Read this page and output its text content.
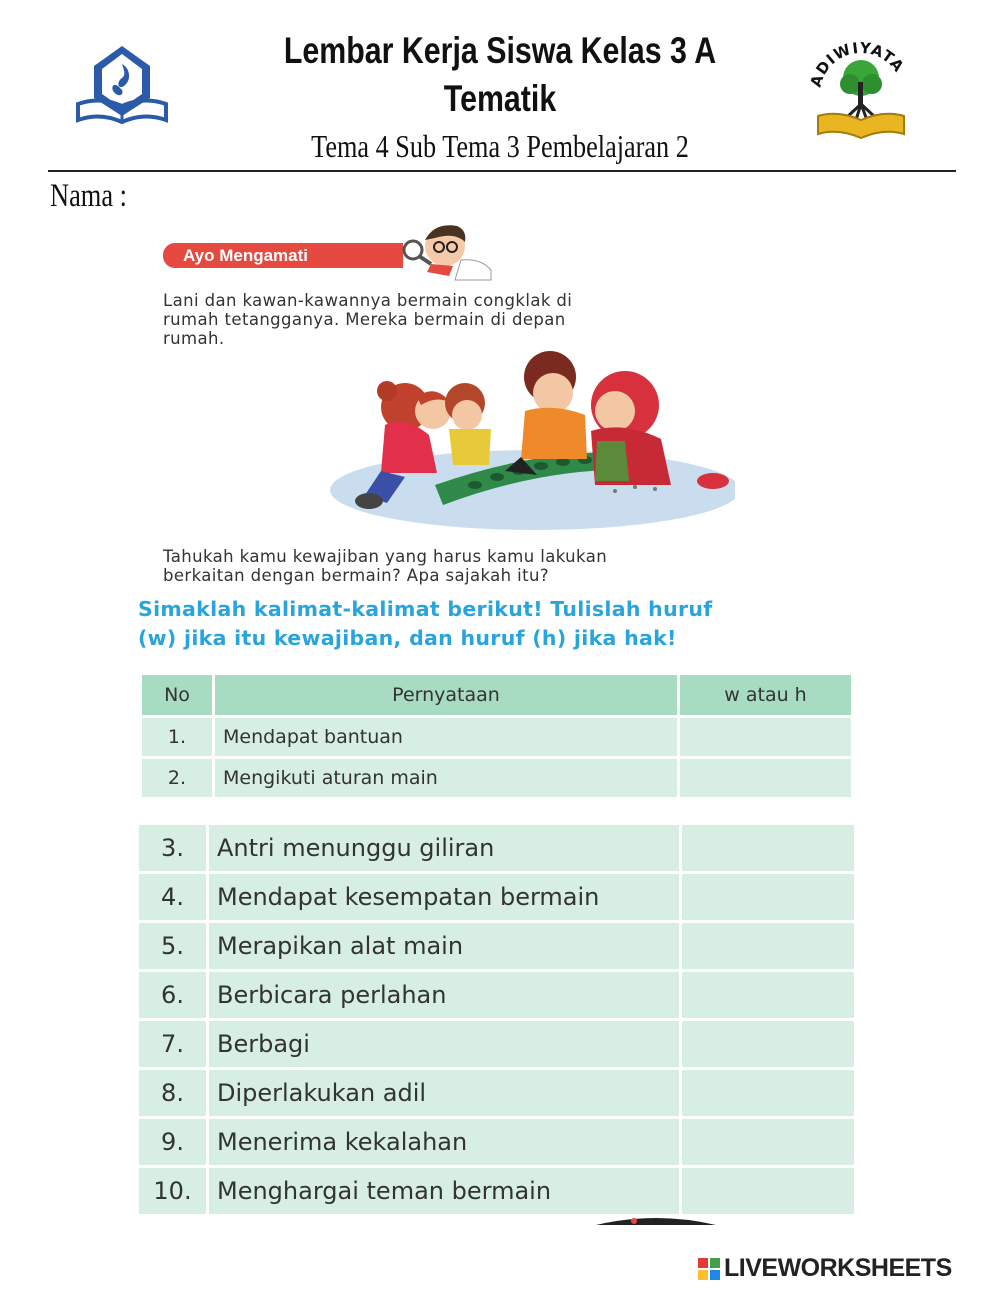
Lembar Kerja Siswa Kelas 3 A
Tematik
Tema 4 Sub Tema 3 Pembelajaran 2
ADIWIYATA
Nama :
Ayo Mengamati
Lani dan kawan-kawannya bermain congklak di
rumah tetangganya. Mereka bermain di depan
rumah.
Tahukah kamu kewajiban yang harus kamu lakukan
berkaitan dengan bermain? Apa sajakah itu?
Simaklah kalimat-kalimat berikut! Tulislah huruf
(w) jika itu kewajiban, dan huruf (h) jika hak!
No	Pernyataan	w atau h
1.	Mendapat bantuan	
2.	Mengikuti aturan main	
3.	Antri menunggu giliran	
4.	Mendapat kesempatan bermain	
5.	Merapikan alat main	
6.	Berbicara perlahan	
7.	Berbagi	
8.	Diperlakukan adil	
9.	Menerima kekalahan	
10.	Menghargai teman bermain	
LIVEWORKSHEETS
